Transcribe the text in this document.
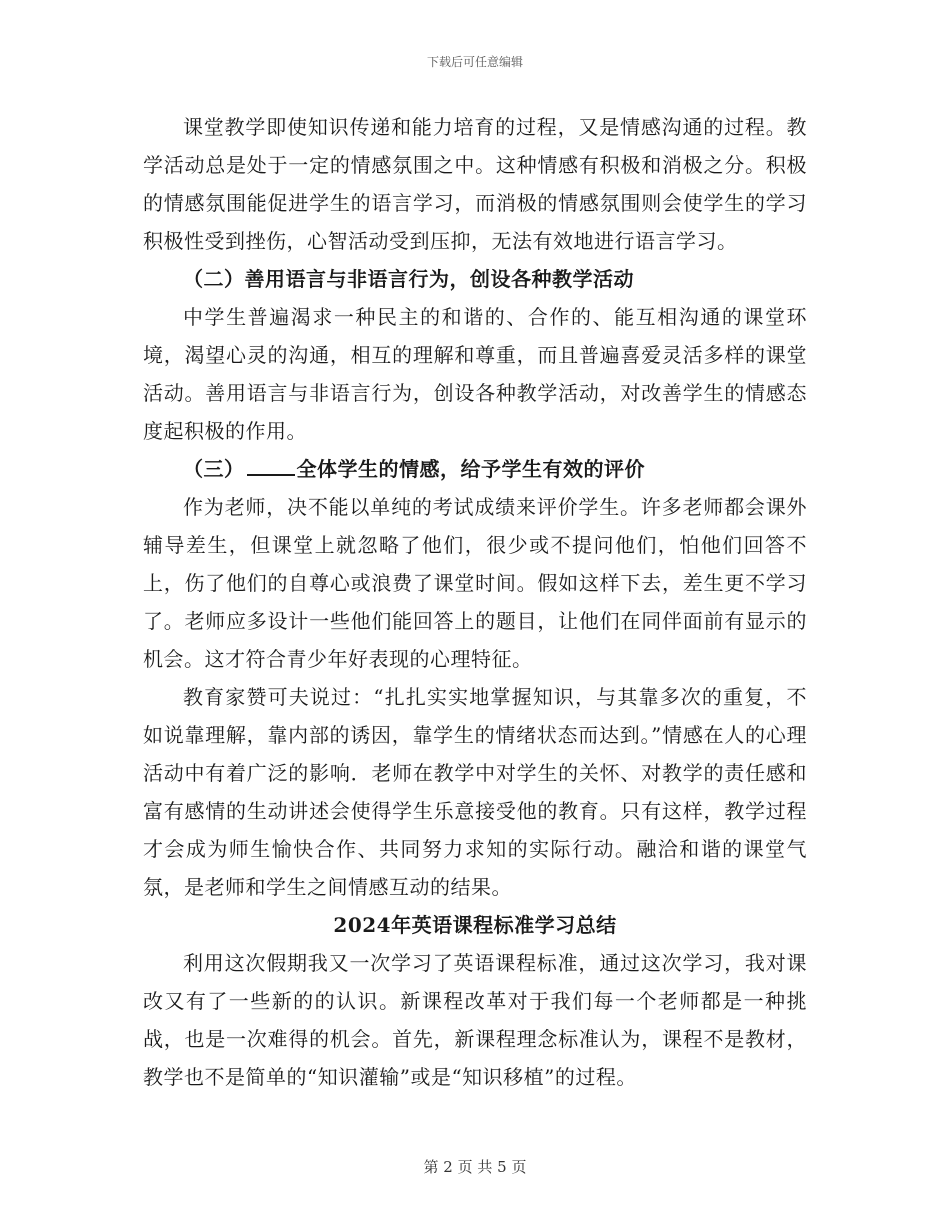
下载后可任意编辑

课堂教学即使知识传递和能力培育的过程，又是情感沟通的过程。教学活动总是处于一定的情感氛围之中。这种情感有积极和消极之分。积极的情感氛围能促进学生的语言学习，而消极的情感氛围则会使学生的学习积极性受到挫伤，心智活动受到压抑，无法有效地进行语言学习。

（二）善用语言与非语言行为，创设各种教学活动

中学生普遍渴求一种民主的和谐的、合作的、能互相沟通的课堂环境，渴望心灵的沟通，相互的理解和尊重，而且普遍喜爱灵活多样的课堂活动。善用语言与非语言行为，创设各种教学活动，对改善学生的情感态度起积极的作用。

（三）	全体学生的情感，给予学生有效的评价

作为老师，决不能以单纯的考试成绩来评价学生。许多老师都会课外辅导差生，但课堂上就忽略了他们，很少或不提问他们，怕他们回答不上，伤了他们的自尊心或浪费了课堂时间。假如这样下去，差生更不学习了。老师应多设计一些他们能回答上的题目，让他们在同伴面前有显示的机会。这才符合青少年好表现的心理特征。

教育家赞可夫说过：“扎扎实实地掌握知识，与其靠多次的重复，不如说靠理解，靠内部的诱因，靠学生的情绪状态而达到。”情感在人的心理活动中有着广泛的影响．老师在教学中对学生的关怀、对教学的责任感和富有感情的生动讲述会使得学生乐意接受他的教育。只有这样，教学过程才会成为师生愉快合作、共同努力求知的实际行动。融洽和谐的课堂气氛，是老师和学生之间情感互动的结果。

2024年英语课程标准学习总结

利用这次假期我又一次学习了英语课程标准，通过这次学习，我对课改又有了一些新的的认识。新课程改革对于我们每一个老师都是一种挑战，也是一次难得的机会。首先，新课程理念标准认为，课程不是教材，教学也不是简单的“知识灌输”或是“知识移植”的过程。

第 2 页 共 5 页
